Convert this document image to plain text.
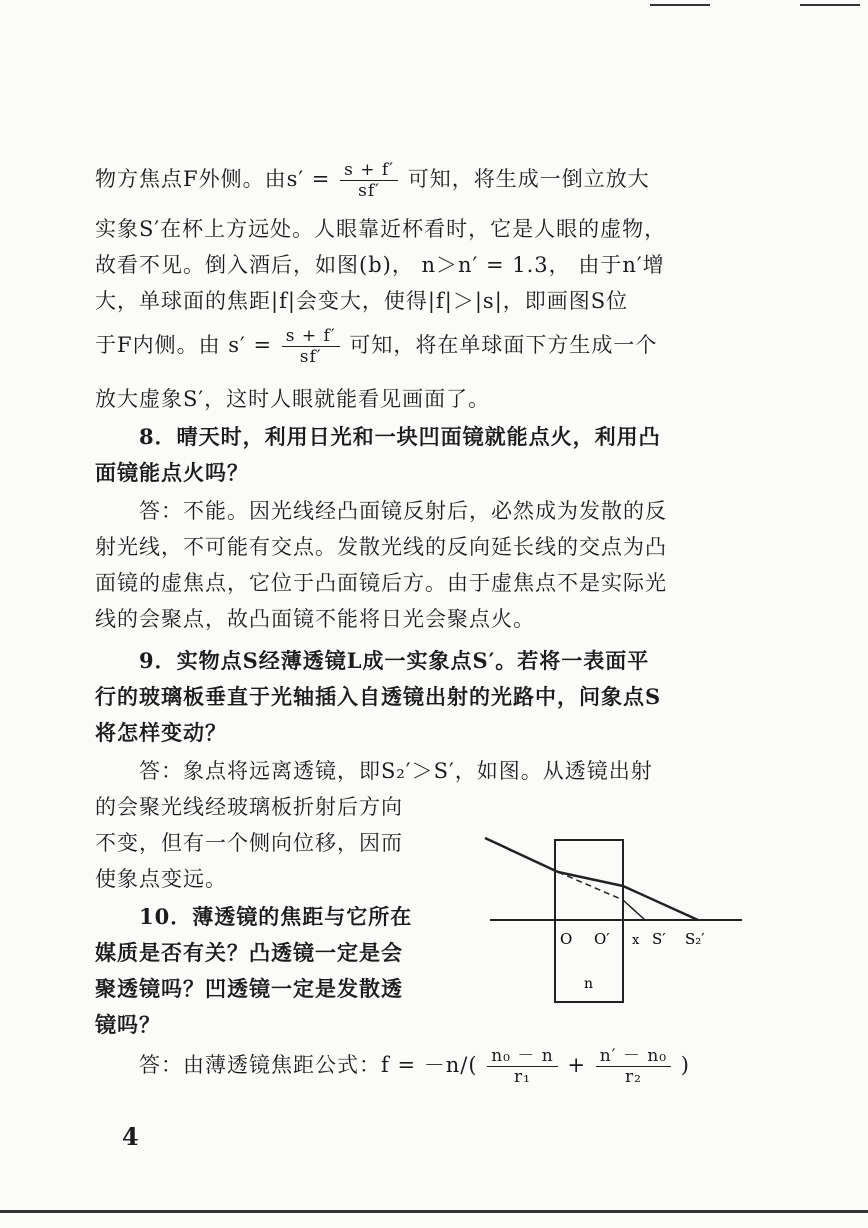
物方焦点F外侧。由$s' = \frac{s + f'}{sf'}$ 可知，将生成一倒立放大
实象S′在杯上方远处。人眼靠近杯看时，它是人眼的虚物，
故看不见。倒入酒后，如图(b)， n＞n′ = 1.3， 由于n′增
大，单球面的焦距|f|会变大，使得|f|＞|s|，即画图S位
于F内侧。由 $s' = \frac{s + f'}{sf'}$ 可知，将在单球面下方生成一个
放大虚象S′，这时人眼就能看见画面了。
8．晴天时，利用日光和一块凹面镜就能点火，利用凸
面镜能点火吗？
答：不能。因光线经凸面镜反射后，必然成为发散的反
射光线，不可能有交点。发散光线的反向延长线的交点为凸
面镜的虚焦点，它位于凸面镜后方。由于虚焦点不是实际光
线的会聚点，故凸面镜不能将日光会聚点火。
9．实物点S经薄透镜L成一实象点S′。若将一表面平
行的玻璃板垂直于光轴插入自透镜出射的光路中，问象点S
将怎样变动？
答：象点将远离透镜，即S₂′＞S′，如图。从透镜出射
的会聚光线经玻璃板折射后方向
不变，但有一个侧向位移，因而
使象点变远。
10．薄透镜的焦距与它所在
媒质是否有关？凸透镜一定是会
聚透镜吗？凹透镜一定是发散透
镜吗？
答：由薄透镜焦距公式：$f = -n/( \frac{\text{n₀ － n}}{\text{r₁}} + \frac{\text{n′ － n₀}}{\text{r₂}}$ )
O O′ x S′ S₂′
n
4
